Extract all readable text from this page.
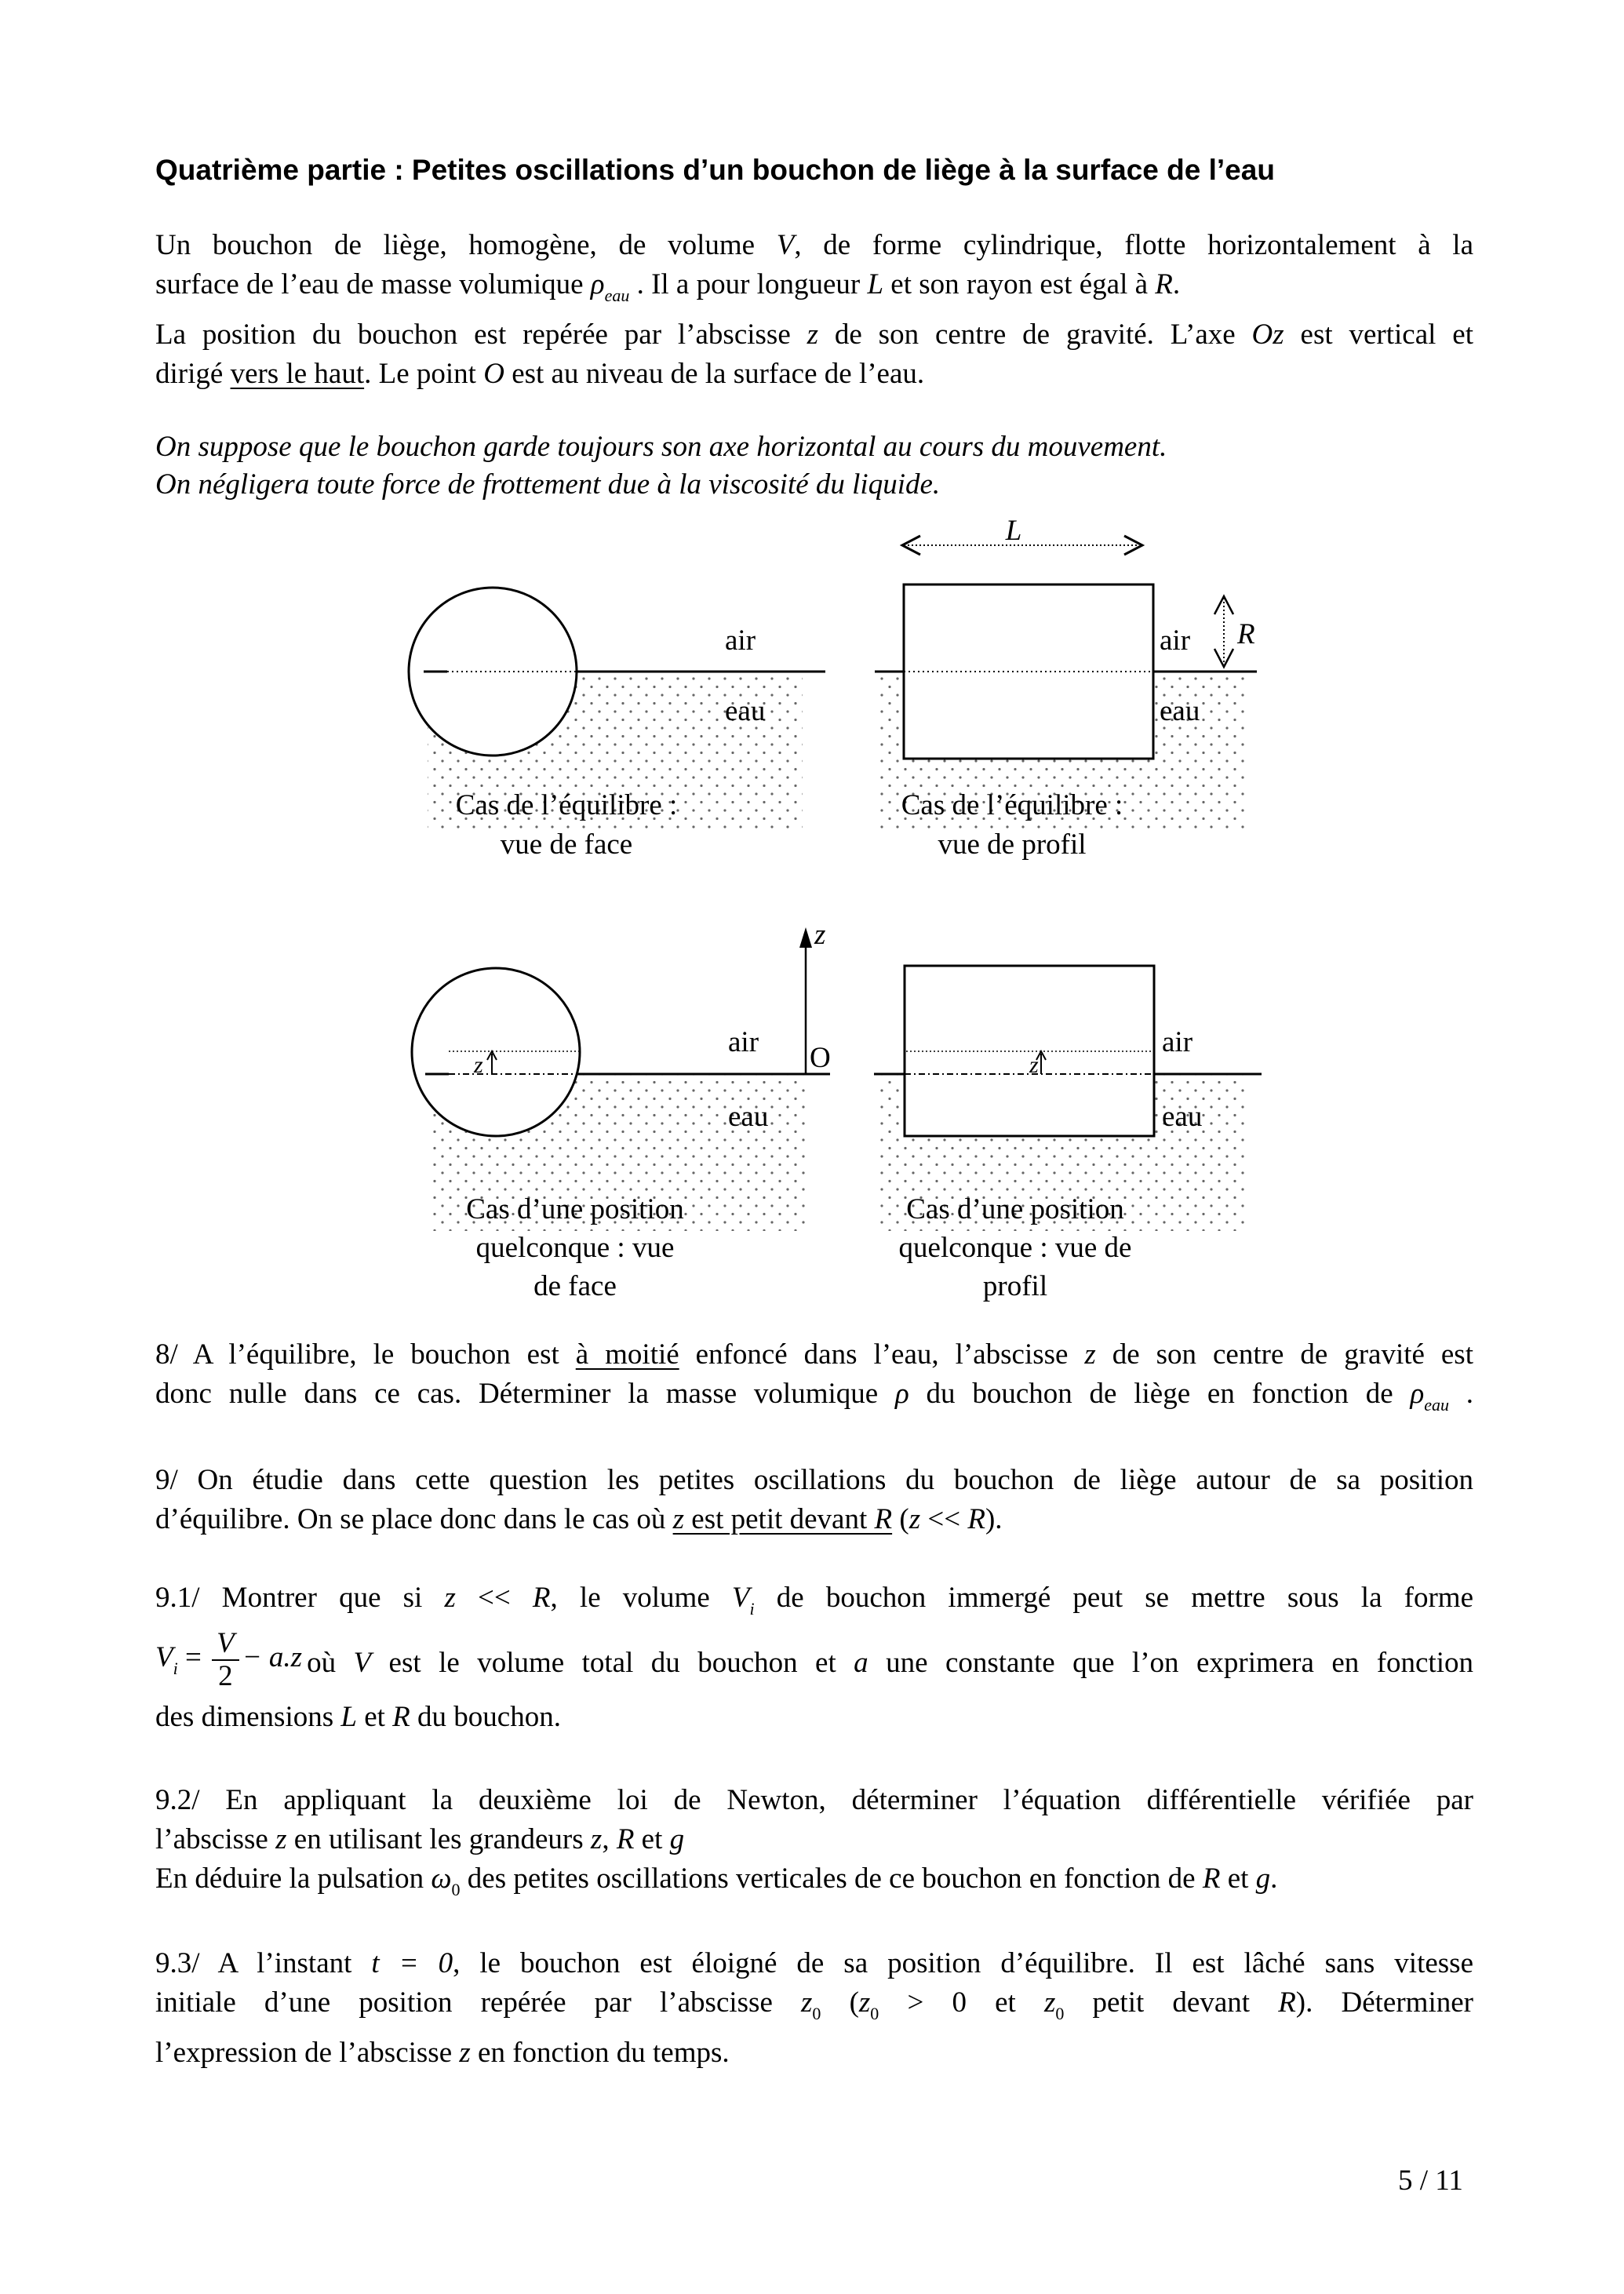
Quatrième partie : Petites oscillations d’un bouchon de liège à la surface de l’eau
Un bouchon de liège, homogène, de volume V, de forme cylindrique, flotte horizontalement à la
surface de l’eau de masse volumique $\rho_{eau}$ . Il a pour longueur L et son rayon est égal à R.
La position du bouchon est repérée par l’abscisse z de son centre de gravité. L’axe Oz est vertical et
dirigé vers le haut. Le point O est au niveau de la surface de l’eau.
On suppose que le bouchon garde toujours son axe horizontal au cours du mouvement.
On négligera toute force de frottement due à la viscosité du liquide.
air
eau
Cas de l’équilibre :
vue de face
L
R
air
eau
Cas de l’équilibre :
vue de profil
z
z
O
air
eau
Cas d’une position
quelconque : vue
de face
z
air
eau
Cas d’une position
quelconque : vue de
profil
8/ A l’équilibre, le bouchon est à moitié enfoncé dans l’eau, l’abscisse z de son centre de gravité est
donc nulle dans ce cas. Déterminer la masse volumique ρ du bouchon de liège en fonction de $\rho_{eau}$ .
9/ On étudie dans cette question les petites oscillations du bouchon de liège autour de sa position
d’équilibre. On se place donc dans le cas où z est petit devant R (z << R).
9.1/ Montrer que si z << R, le volume $V_i$ de bouchon immergé peut se mettre sous la forme
$V_i = \frac{V}{2} - a.z$ où V est le volume total du bouchon et a une constante que l’on exprimera en fonction
des dimensions L et R du bouchon.
9.2/ En appliquant la deuxième loi de Newton, déterminer l’équation différentielle vérifiée par
l’abscisse z en utilisant les grandeurs z, R et g
En déduire la pulsation $\omega_0$ des petites oscillations verticales de ce bouchon en fonction de R et g.
9.3/ A l’instant t = 0, le bouchon est éloigné de sa position d’équilibre. Il est lâché sans vitesse
initiale d’une position repérée par l’abscisse $z_0$ ($z_0 > 0$ et $z_0$ petit devant R). Déterminer
l’expression de l’abscisse z en fonction du temps.
5 / 11
